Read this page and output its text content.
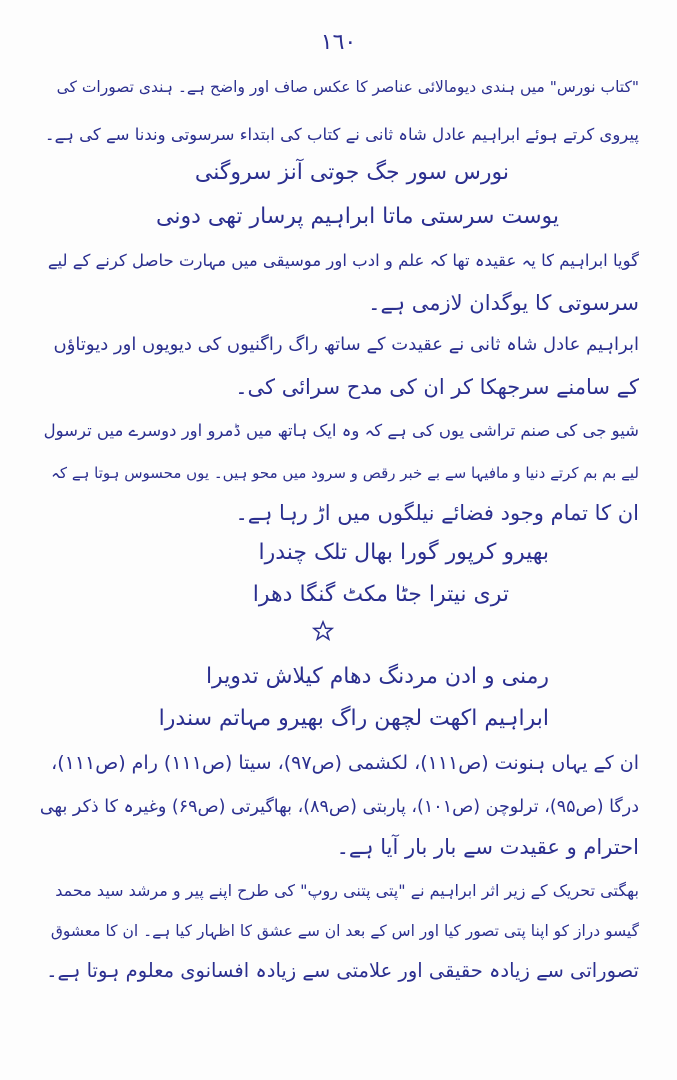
١٦٠
"کتاب نورس" میں ہندی دیومالائی عناصر کا عکس صاف اور واضح ہے۔ ہندی تصورات کی
پیروی کرتے ہوئے ابراہیم عادل شاہ ثانی نے کتاب کی ابتداء سرسوتی وندنا سے کی ہے۔
نورس سور جگ جوتی آنز سروگنی
یوست سرستی ماتا ابراہیم پرسار تھی دونی
گویا ابراہیم کا یہ عقیدہ تھا کہ علم و ادب اور موسیقی میں مہارت حاصل کرنے کے لیے
سرسوتی کا یوگدان لازمی ہے۔
ابراہیم عادل شاہ ثانی نے عقیدت کے ساتھ راگ راگنیوں کی دیویوں اور دیوتاؤں
کے سامنے سرجھکا کر ان کی مدح سرائی کی۔
شیو جی کی صنم تراشی یوں کی ہے کہ وہ ایک ہاتھ میں ڈمرو اور دوسرے میں ترسول
لیے بم بم کرتے دنیا و مافیہا سے بے خبر رقص و سرود میں محو ہیں۔ یوں محسوس ہوتا ہے کہ
ان کا تمام وجود فضائے نیلگوں میں اڑ رہا ہے۔
بھیرو کرپور گورا بھال تلک چندرا
تری نیترا جٹا مکٹ گنگا دھرا
رمنی و ادن مردنگ دھام کیلاش تدویرا
ابراہیم اکھت لچھن راگ بھیرو مہاتم سندرا
ان کے یہاں ہنونت (ص۱۱۱)، لکشمی (ص۹۷)، سیتا (ص۱۱۱) رام (ص۱۱۱)،
درگا (ص۹۵)، ترلوچن (ص۱۰۱)، پاربتی (ص۸۹)، بھاگیرتی (ص۶۹) وغیرہ کا ذکر بھی
احترام و عقیدت سے بار بار آیا ہے۔
بھگتی تحریک کے زیر اثر ابراہیم نے "پتی پتنی روپ" کی طرح اپنے پیر و مرشد سید محمد
گیسو دراز کو اپنا پتی تصور کیا اور اس کے بعد ان سے عشق کا اظہار کیا ہے۔ ان کا معشوق
تصوراتی سے زیادہ حقیقی اور علامتی سے زیادہ افسانوی معلوم ہوتا ہے۔
